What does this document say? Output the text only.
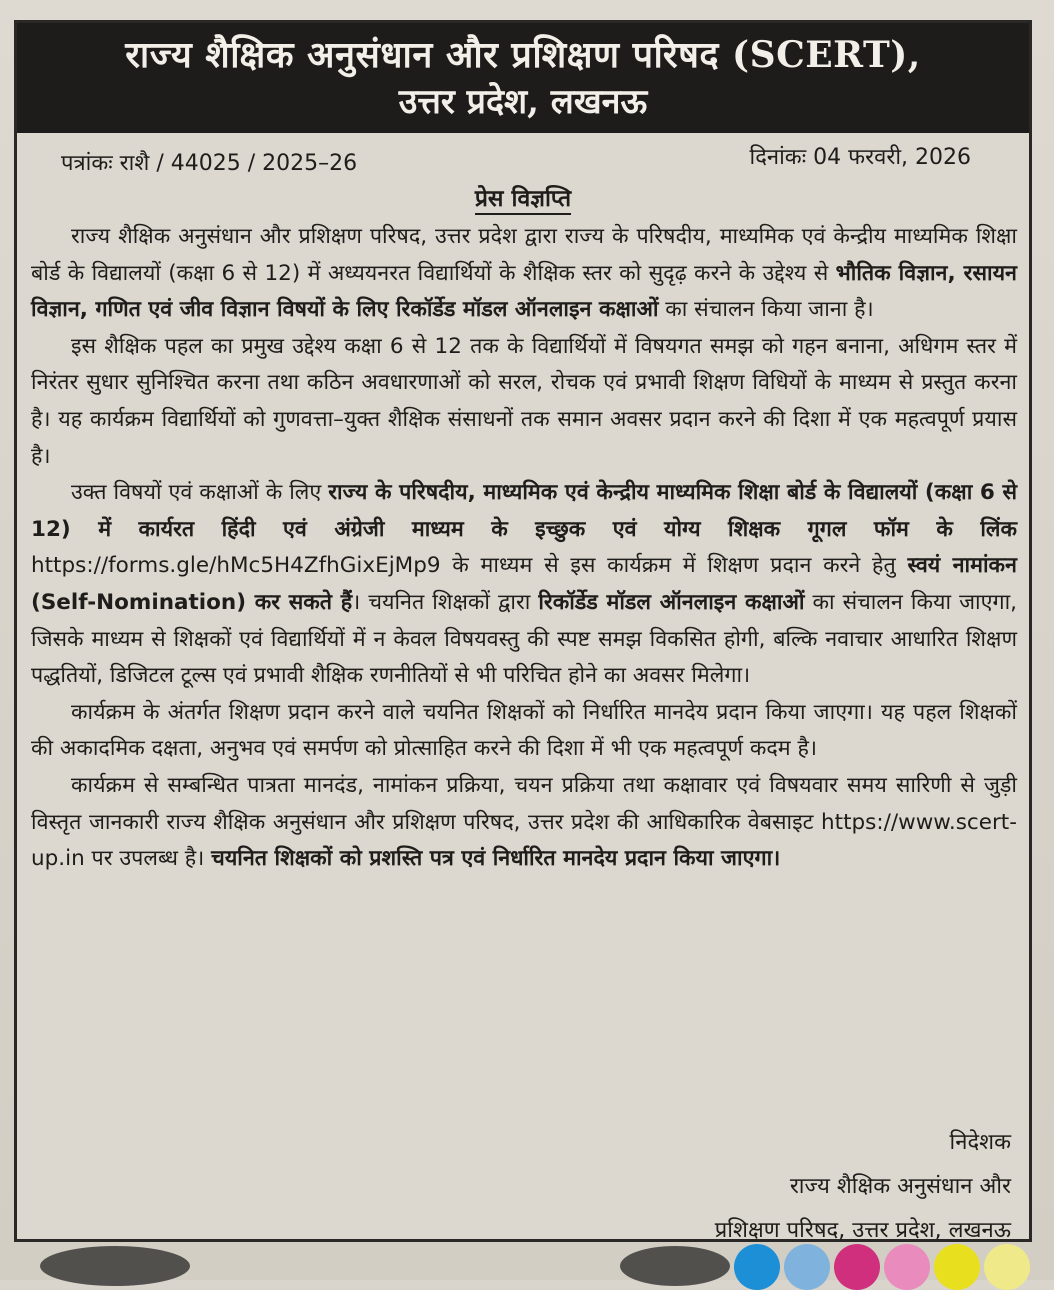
राज्य शैक्षिक अनुसंधान और प्रशिक्षण परिषद (SCERT),
उत्तर प्रदेश, लखनऊ
पत्रांकः राशै / 44025 / 2025–26	दिनांकः 04 फरवरी, 2026
प्रेस विज्ञप्ति

राज्य शैक्षिक अनुसंधान और प्रशिक्षण परिषद, उत्तर प्रदेश द्वारा राज्य के परिषदीय, माध्यमिक एवं केन्द्रीय माध्यमिक शिक्षा बोर्ड के विद्यालयों (कक्षा 6 से 12) में अध्ययनरत विद्यार्थियों के शैक्षिक स्तर को सुदृढ़ करने के उद्देश्य से भौतिक विज्ञान, रसायन विज्ञान, गणित एवं जीव विज्ञान विषयों के लिए रिकॉर्डेड मॉडल ऑनलाइन कक्षाओं का संचालन किया जाना है।

इस शैक्षिक पहल का प्रमुख उद्देश्य कक्षा 6 से 12 तक के विद्यार्थियों में विषयगत समझ को गहन बनाना, अधिगम स्तर में निरंतर सुधार सुनिश्चित करना तथा कठिन अवधारणाओं को सरल, रोचक एवं प्रभावी शिक्षण विधियों के माध्यम से प्रस्तुत करना है। यह कार्यक्रम विद्यार्थियों को गुणवत्ता–युक्त शैक्षिक संसाधनों तक समान अवसर प्रदान करने की दिशा में एक महत्वपूर्ण प्रयास है।

उक्त विषयों एवं कक्षाओं के लिए राज्य के परिषदीय, माध्यमिक एवं केन्द्रीय माध्यमिक शिक्षा बोर्ड के विद्यालयों (कक्षा 6 से 12) में कार्यरत हिंदी एवं अंग्रेजी माध्यम के इच्छुक एवं योग्य शिक्षक गूगल फॉम के लिंक https://forms.gle/hMc5H4ZfhGixEjMp9 के माध्यम से इस कार्यक्रम में शिक्षण प्रदान करने हेतु स्वयं नामांकन (Self-Nomination) कर सकते हैं। चयनित शिक्षकों द्वारा रिकॉर्डेड मॉडल ऑनलाइन कक्षाओं का संचालन किया जाएगा, जिसके माध्यम से शिक्षकों एवं विद्यार्थियों में न केवल विषयवस्तु की स्पष्ट समझ विकसित होगी, बल्कि नवाचार आधारित शिक्षण पद्धतियों, डिजिटल टूल्स एवं प्रभावी शैक्षिक रणनीतियों से भी परिचित होने का अवसर मिलेगा।

कार्यक्रम के अंतर्गत शिक्षण प्रदान करने वाले चयनित शिक्षकों को निर्धारित मानदेय प्रदान किया जाएगा। यह पहल शिक्षकों की अकादमिक दक्षता, अनुभव एवं समर्पण को प्रोत्साहित करने की दिशा में भी एक महत्वपूर्ण कदम है।

कार्यक्रम से सम्बन्धित पात्रता मानदंड, नामांकन प्रक्रिया, चयन प्रक्रिया तथा कक्षावार एवं विषयवार समय सारिणी से जुड़ी विस्तृत जानकारी राज्य शैक्षिक अनुसंधान और प्रशिक्षण परिषद, उत्तर प्रदेश की आधिकारिक वेबसाइट https://www.scert-up.in पर उपलब्ध है। चयनित शिक्षकों को प्रशस्ति पत्र एवं निर्धारित मानदेय प्रदान किया जाएगा।

निदेशक
राज्य शैक्षिक अनुसंधान और
प्रशिक्षण परिषद, उत्तर प्रदेश, लखनऊ
